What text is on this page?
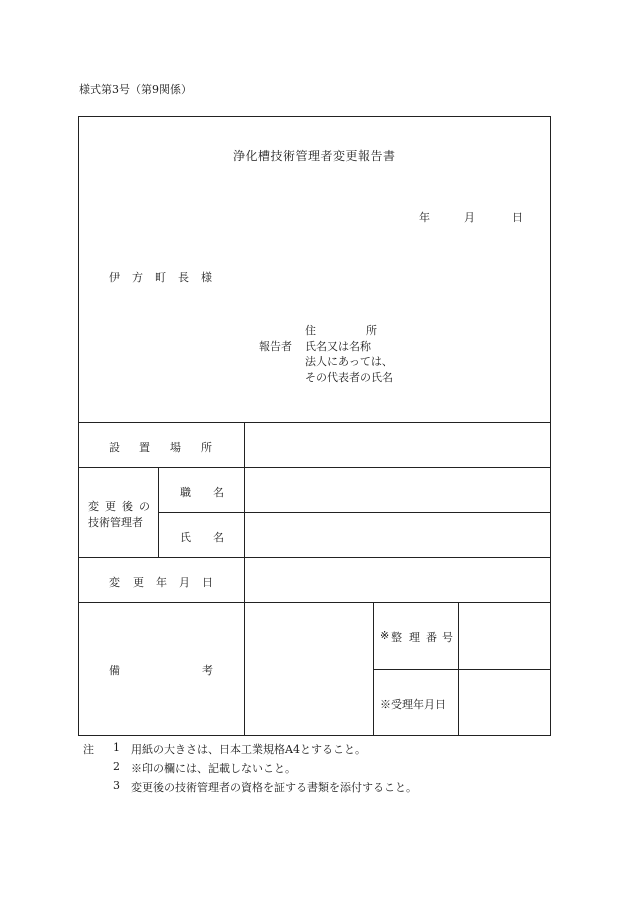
様式第3号（第9関係）
浄化槽技術管理者変更報告書
年	月	日
伊 方 町 長 様
住	所
報告者 氏名又は名称
法人にあっては、
その代表者の氏名
設 置 場 所
変 更 後 の
技術管理者
職 名
氏 名
変 更 年 月 日
備	考
※ 整 理 番 号
※受理年月日
注 1 用紙の大きさは、日本工業規格A4とすること。
2 ※印の欄には、記載しないこと。
3 変更後の技術管理者の資格を証する書類を添付すること。
